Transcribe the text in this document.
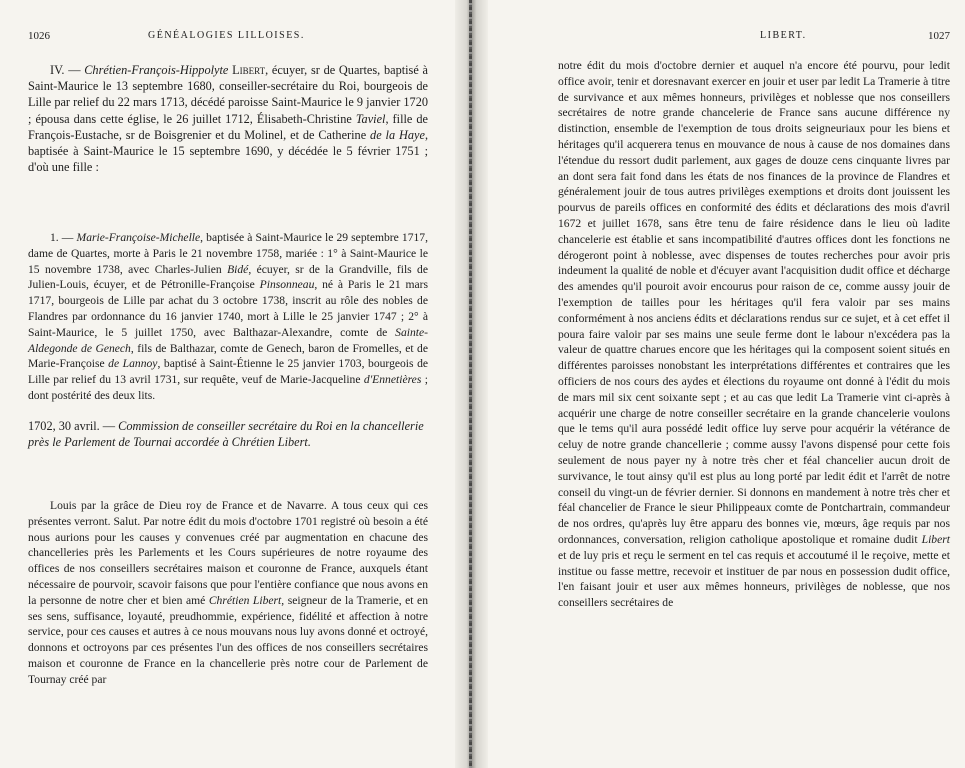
1026	GÉNÉALOGIES LILLOISES.

IV. — Chrétien-François-Hippolyte Libert, écuyer, sr de Quartes, baptisé à Saint-Maurice le 13 septembre 1680, conseiller-secrétaire du Roi, bourgeois de Lille par relief du 22 mars 1713, décédé paroisse Saint-Maurice le 9 janvier 1720 ; épousa dans cette église, le 26 juillet 1712, Élisabeth-Christine Taviel, fille de François-Eustache, sr de Boisgrenier et du Molinel, et de Catherine de la Haye, baptisée à Saint-Maurice le 15 septembre 1690, y décédée le 5 février 1751 ; d'où une fille :

1. — Marie-Françoise-Michelle, baptisée à Saint-Maurice le 29 septembre 1717, dame de Quartes, morte à Paris le 21 novembre 1758, mariée : 1° à Saint-Maurice le 15 novembre 1738, avec Charles-Julien Bidé, écuyer, sr de la Grandville, fils de Julien-Louis, écuyer, et de Pétronille-Françoise Pinsonneau, né à Paris le 21 mars 1717, bourgeois de Lille par achat du 3 octobre 1738, inscrit au rôle des nobles de Flandres par ordonnance du 16 janvier 1740, mort à Lille le 25 janvier 1747 ; 2° à Saint-Maurice, le 5 juillet 1750, avec Balthazar-Alexandre, comte de Sainte-Aldegonde de Genech, fils de Balthazar, comte de Genech, baron de Fromelles, et de Marie-Françoise de Lannoy, baptisé à Saint-Étienne le 25 janvier 1703, bourgeois de Lille par relief du 13 avril 1731, sur requête, veuf de Marie-Jacqueline d'Ennetières ; dont postérité des deux lits.

1702, 30 avril. — Commission de conseiller secrétaire du Roi en la chancellerie près le Parlement de Tournai accordée à Chrétien Libert.

Louis par la grâce de Dieu roy de France et de Navarre. A tous ceux qui ces présentes verront. Salut. Par notre édit du mois d'octobre 1701 registré où besoin a été nous aurions pour les causes y convenues créé par augmentation en chacune des chancelleries près les Parlements et les Cours supérieures de notre royaume des offices de nos conseillers secrétaires maison et couronne de France, auxquels étant nécessaire de pourvoir, scavoir faisons que pour l'entière confiance que nous avons en la personne de notre cher et bien amé Chrétien Libert, seigneur de la Tramerie, et en ses sens, suffisance, loyauté, preudhommie, expérience, fidélité et affection à notre service, pour ces causes et autres à ce nous mouvans nous luy avons donné et octroyé, donnons et octroyons par ces présentes l'un des offices de nos conseillers secrétaires maison et couronne de France en la chancellerie près notre cour de Parlement de Tournay créé par

LIBERT.	1027

notre édit du mois d'octobre dernier et auquel n'a encore été pourvu, pour ledit office avoir, tenir et doresnavant exercer en jouir et user par ledit La Tramerie à titre de survivance et aux mêmes honneurs, privilèges et noblesse que nos conseillers secrétaires de notre grande chancelerie de France sans aucune différence ny distinction, ensemble de l'exemption de tous droits seigneuriaux pour les biens et héritages qu'il acquerera tenus en mouvance de nous à cause de nos domaines dans l'étendue du ressort dudit parlement, aux gages de douze cens cinquante livres par an dont sera fait fond dans les états de nos finances de la province de Flandres et généralement jouir de tous autres privilèges exemptions et droits dont jouissent les pourvus de pareils offices en conformité des édits et déclarations des mois d'avril 1672 et juillet 1678, sans être tenu de faire résidence dans le lieu où ladite chancelerie est établie et sans incompatibilité d'autres offices dont les fonctions ne dérogeront point à noblesse, avec dispenses de toutes recherches pour avoir pris indeument la qualité de noble et d'écuyer avant l'acquisition dudit office et décharge des amendes qu'il pouroit avoir encourus pour raison de ce, comme aussy jouir de l'exemption de tailles pour les héritages qu'il fera valoir par ses mains conformément à nos anciens édits et déclarations rendus sur ce sujet, et à cet effet il poura faire valoir par ses mains une seule ferme dont le labour n'excédera pas la valeur de quattre charues encore que les héritages qui la composent soient situés en différentes paroisses nonobstant les interprétations différentes et contraires que les officiers de nos cours des aydes et élections du royaume ont donné à l'édit du mois de mars mil six cent soixante sept ; et au cas que ledit La Tramerie vint ci-après à acquérir une charge de notre conseiller secrétaire en la grande chancelerie voulons que le tems qu'il aura possédé ledit office luy serve pour acquérir la vétérance de celuy de notre grande chancellerie ; comme aussy l'avons dispensé pour cette fois seulement de nous payer ny à notre très cher et féal chancelier aucun droit de survivance, le tout ainsy qu'il est plus au long porté par ledit édit et l'arrêt de notre conseil du vingt-un de février dernier. Si donnons en mandement à notre très cher et féal chancelier de France le sieur Philippeaux comte de Pontchartrain, commandeur de nos ordres, qu'après luy être apparu des bonnes vie, mœurs, âge requis par nos ordonnances, conversation, religion catholique apostolique et romaine dudit Libert et de luy pris et reçu le serment en tel cas requis et accoutumé il le reçoive, mette et institue ou fasse mettre, recevoir et instituer de par nous en possession dudit office, l'en faisant jouir et user aux mêmes honneurs, privilèges de noblesse, que nos conseillers secrétaires de
